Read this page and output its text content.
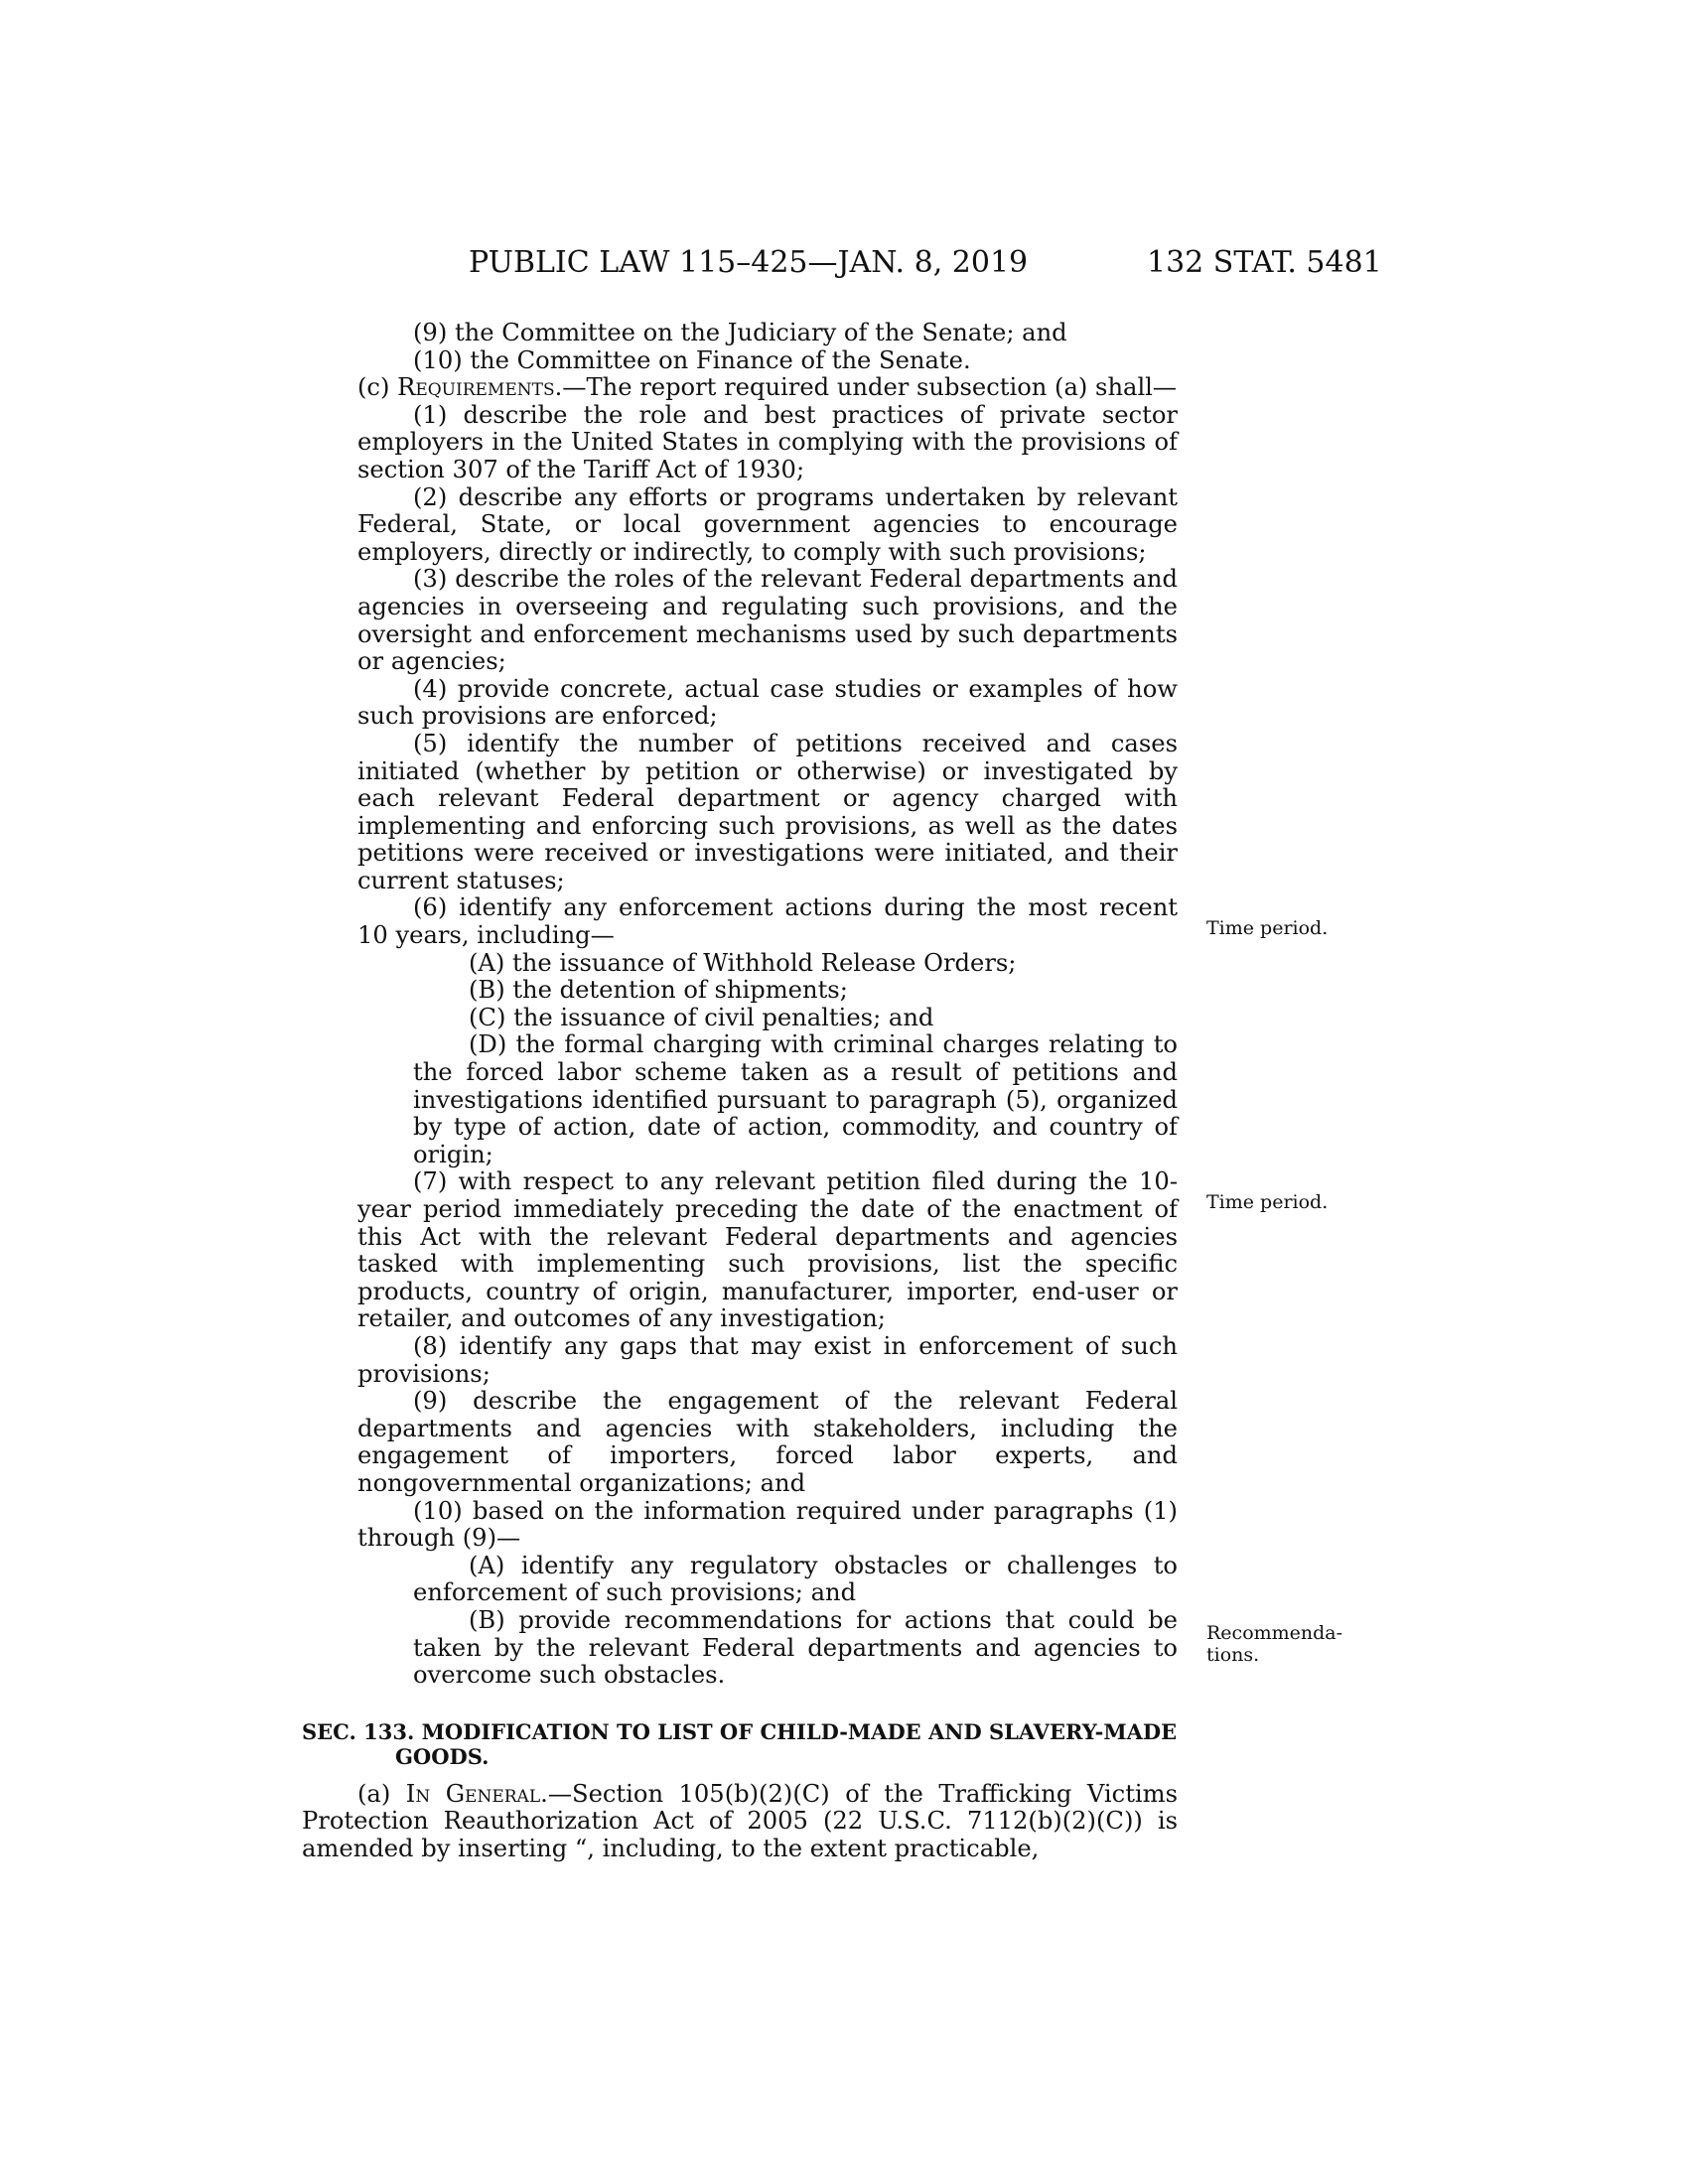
PUBLIC LAW 115–425—JAN. 8, 2019	132 STAT. 5481

(9) the Committee on the Judiciary of the Senate; and

(10) the Committee on Finance of the Senate.

(c) Requirements.—The report required under subsection (a) shall—

(1) describe the role and best practices of private sector employers in the United States in complying with the provisions of section 307 of the Tariff Act of 1930;

(2) describe any efforts or programs undertaken by relevant Federal, State, or local government agencies to encourage employers, directly or indirectly, to comply with such provisions;

(3) describe the roles of the relevant Federal departments and agencies in overseeing and regulating such provisions, and the oversight and enforcement mechanisms used by such departments or agencies;

(4) provide concrete, actual case studies or examples of how such provisions are enforced;

(5) identify the number of petitions received and cases initiated (whether by petition or otherwise) or investigated by each relevant Federal department or agency charged with implementing and enforcing such provisions, as well as the dates petitions were received or investigations were initiated, and their current statuses;

(6) identify any enforcement actions during the most recent 10 years, including—

(A) the issuance of Withhold Release Orders;

(B) the detention of shipments;

(C) the issuance of civil penalties; and

(D) the formal charging with criminal charges relating to the forced labor scheme taken as a result of petitions and investigations identified pursuant to paragraph (5), organized by type of action, date of action, commodity, and country of origin;

(7) with respect to any relevant petition filed during the 10-year period immediately preceding the date of the enactment of this Act with the relevant Federal departments and agencies tasked with implementing such provisions, list the specific products, country of origin, manufacturer, importer, end-user or retailer, and outcomes of any investigation;

(8) identify any gaps that may exist in enforcement of such provisions;

(9) describe the engagement of the relevant Federal departments and agencies with stakeholders, including the engagement of importers, forced labor experts, and nongovernmental organizations; and

(10) based on the information required under paragraphs (1) through (9)—

(A) identify any regulatory obstacles or challenges to enforcement of such provisions; and

(B) provide recommendations for actions that could be taken by the relevant Federal departments and agencies to overcome such obstacles.

SEC. 133. MODIFICATION TO LIST OF CHILD-MADE AND SLAVERY-MADE GOODS.

(a) In General.—Section 105(b)(2)(C) of the Trafficking Victims Protection Reauthorization Act of 2005 (22 U.S.C. 7112(b)(2)(C)) is amended by inserting “, including, to the extent practicable,

Time period.
Time period.
Recommenda-tions.
